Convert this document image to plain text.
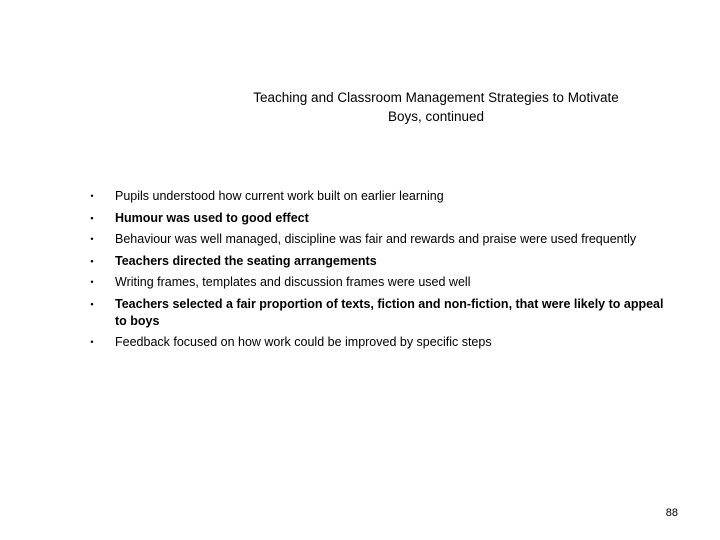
Teaching and Classroom Management Strategies to Motivate Boys, continued
• Pupils understood how current work built on earlier learning
• Humour was used to good effect
• Behaviour was well managed, discipline was fair and rewards and praise were used frequently
• Teachers directed the seating arrangements
• Writing frames, templates and discussion frames were used well
• Teachers selected a fair proportion of texts, fiction and non-fiction, that were likely to appeal to boys
• Feedback focused on how work could be improved by specific steps
88
